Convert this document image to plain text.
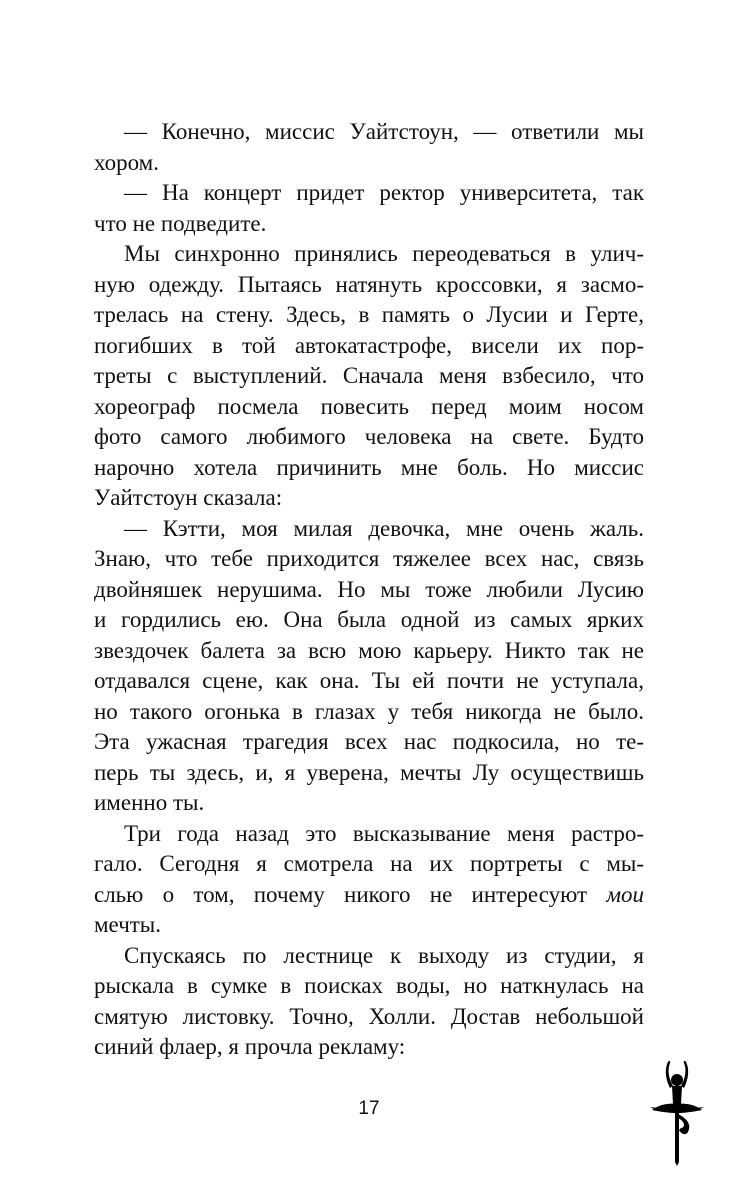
— Конечно, миссис Уайтстоун, — ответили мы
хором.

— На концерт придет ректор университета, так
что не подведите.

Мы синхронно принялись переодеваться в улич-
ную одежду. Пытаясь натянуть кроссовки, я засмо-
трелась на стену. Здесь, в память о Лусии и Герте,
погибших в той автокатастрофе, висели их пор-
треты с выступлений. Сначала меня взбесило, что
хореограф посмела повесить перед моим носом
фото самого любимого человека на свете. Будто
нарочно хотела причинить мне боль. Но миссис
Уайтстоун сказала:

— Кэтти, моя милая девочка, мне очень жаль.
Знаю, что тебе приходится тяжелее всех нас, связь
двойняшек нерушима. Но мы тоже любили Лусию
и гордились ею. Она была одной из самых ярких
звездочек балета за всю мою карьеру. Никто так не
отдавался сцене, как она. Ты ей почти не уступала,
но такого огонька в глазах у тебя никогда не было.
Эта ужасная трагедия всех нас подкосила, но те-
перь ты здесь, и, я уверена, мечты Лу осуществишь
именно ты.

Три года назад это высказывание меня растро-
гало. Сегодня я смотрела на их портреты с мы-
слью о том, почему никого не интересуют мои
мечты.

Спускаясь по лестнице к выходу из студии, я
рыскала в сумке в поисках воды, но наткнулась на
смятую листовку. Точно, Холли. Достав небольшой
синий флаер, я прочла рекламу:

17
